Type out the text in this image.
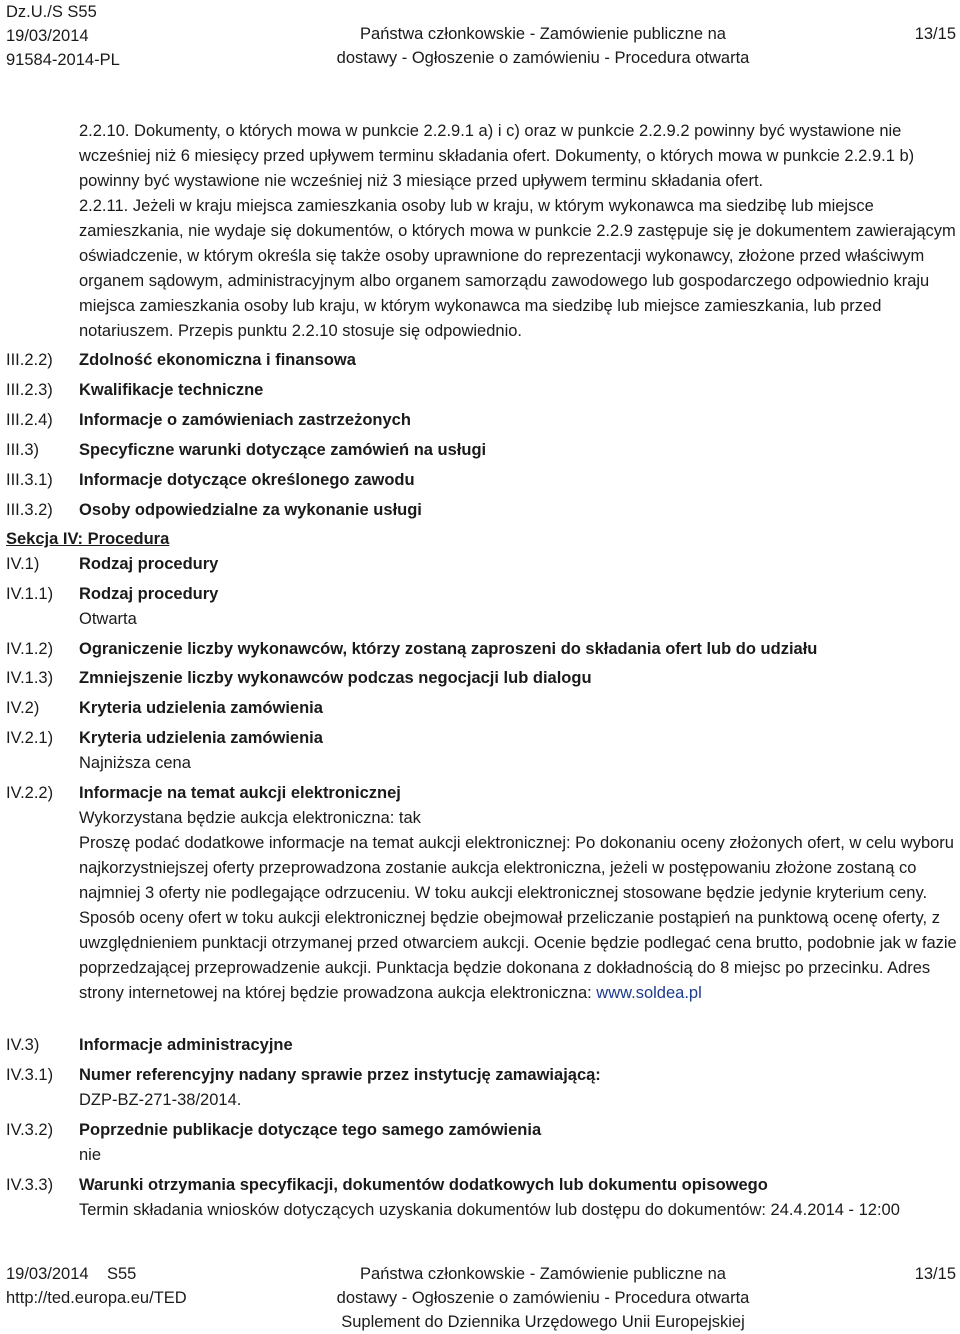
Dz.U./S S55
19/03/2014
91584-2014-PL
Państwa członkowskie - Zamówienie publiczne na
dostawy - Ogłoszenie o zamówieniu - Procedura otwarta
13/15
2.2.10. Dokumenty, o których mowa w punkcie 2.2.9.1 a) i c) oraz w punkcie 2.2.9.2 powinny być wystawione nie wcześniej niż 6 miesięcy przed upływem terminu składania ofert. Dokumenty, o których mowa w punkcie 2.2.9.1 b) powinny być wystawione nie wcześniej niż 3 miesiące przed upływem terminu składania ofert.
2.2.11. Jeżeli w kraju miejsca zamieszkania osoby lub w kraju, w którym wykonawca ma siedzibę lub miejsce zamieszkania, nie wydaje się dokumentów, o których mowa w punkcie 2.2.9 zastępuje się je dokumentem zawierającym oświadczenie, w którym określa się także osoby uprawnione do reprezentacji wykonawcy, złożone przed właściwym organem sądowym, administracyjnym albo organem samorządu zawodowego lub gospodarczego odpowiednio kraju miejsca zamieszkania osoby lub kraju, w którym wykonawca ma siedzibę lub miejsce zamieszkania, lub przed notariuszem. Przepis punktu 2.2.10 stosuje się odpowiednio.
III.2.2) Zdolność ekonomiczna i finansowa
III.2.3) Kwalifikacje techniczne
III.2.4) Informacje o zamówieniach zastrzeżonych
III.3) Specyficzne warunki dotyczące zamówień na usługi
III.3.1) Informacje dotyczące określonego zawodu
III.3.2) Osoby odpowiedzialne za wykonanie usługi
Sekcja IV: Procedura
IV.1) Rodzaj procedury
IV.1.1) Rodzaj procedury
Otwarta
IV.1.2) Ograniczenie liczby wykonawców, którzy zostaną zaproszeni do składania ofert lub do udziału
IV.1.3) Zmniejszenie liczby wykonawców podczas negocjacji lub dialogu
IV.2) Kryteria udzielenia zamówienia
IV.2.1) Kryteria udzielenia zamówienia
Najniższa cena
IV.2.2) Informacje na temat aukcji elektronicznej
Wykorzystana będzie aukcja elektroniczna: tak
Proszę podać dodatkowe informacje na temat aukcji elektronicznej: Po dokonaniu oceny złożonych ofert, w celu wyboru najkorzystniejszej oferty przeprowadzona zostanie aukcja elektroniczna, jeżeli w postępowaniu złożone zostaną co najmniej 3 oferty nie podlegające odrzuceniu. W toku aukcji elektronicznej stosowane będzie jedynie kryterium ceny. Sposób oceny ofert w toku aukcji elektronicznej będzie obejmował przeliczanie postąpień na punktową ocenę oferty, z uwzględnieniem punktacji otrzymanej przed otwarciem aukcji. Ocenie będzie podlegać cena brutto, podobnie jak w fazie poprzedzającej przeprowadzenie aukcji. Punktacja będzie dokonana z dokładnością do 8 miejsc po przecinku. Adres strony internetowej na której będzie prowadzona aukcja elektroniczna: www.soldea.pl
IV.3) Informacje administracyjne
IV.3.1) Numer referencyjny nadany sprawie przez instytucję zamawiającą:
DZP-BZ-271-38/2014.
IV.3.2) Poprzednie publikacje dotyczące tego samego zamówienia
nie
IV.3.3) Warunki otrzymania specyfikacji, dokumentów dodatkowych lub dokumentu opisowego
Termin składania wniosków dotyczących uzyskania dokumentów lub dostępu do dokumentów: 24.4.2014 - 12:00
19/03/2014 S55
http://ted.europa.eu/TED
Państwa członkowskie - Zamówienie publiczne na
dostawy - Ogłoszenie o zamówieniu - Procedura otwarta
Suplement do Dziennika Urzędowego Unii Europejskiej
13/15
